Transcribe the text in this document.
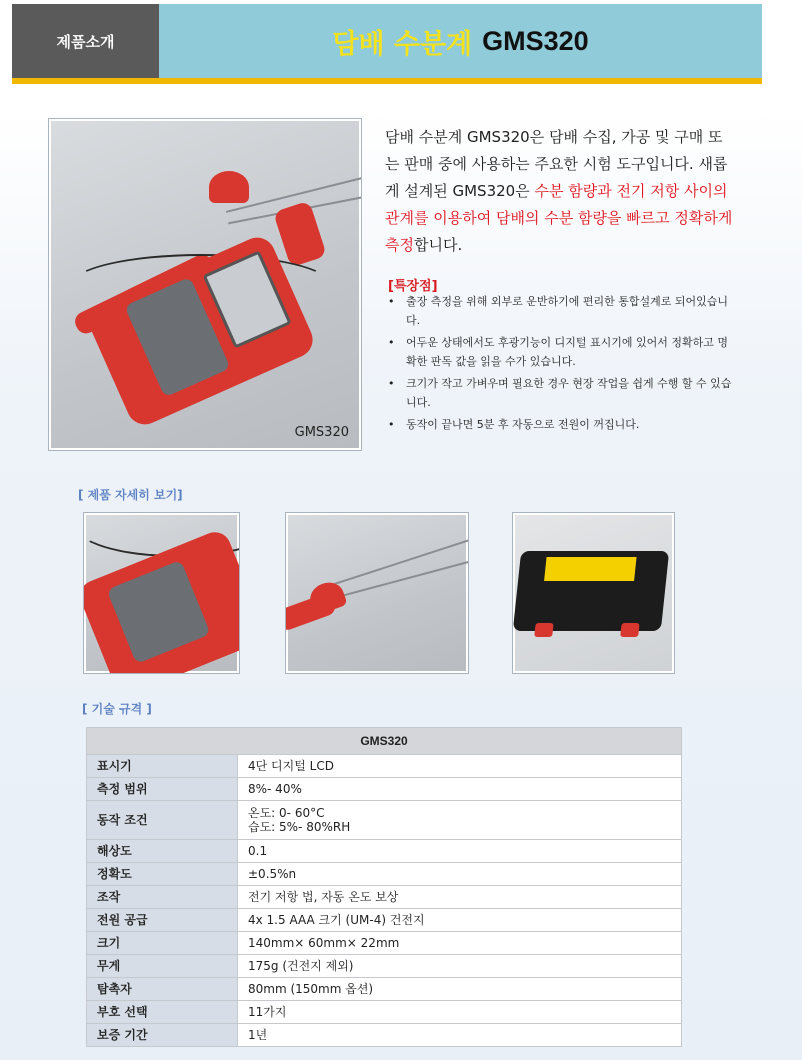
제품소개	담배 수분계 GMS320
GMS320
담배 수분계 GMS320은 담배 수집, 가공 및 구매 또는 판매 중에 사용하는 주요한 시험 도구입니다. 새롭게 설계된 GMS320은 수분 함량과 전기 저항 사이의 관계를 이용하여 담배의 수분 함량을 빠르고 정확하게 측정합니다.
[특장점]
• 출장 측정을 위해 외부로 운반하기에 편리한 통합설계로 되어있습니다.
• 어두운 상태에서도 후광기능이 디지털 표시기에 있어서 정확하고 명확한 판독 값을 읽을 수가 있습니다.
• 크기가 작고 가벼우며 필요한 경우 현장 작업을 쉽게 수행 할 수 있습니다.
• 동작이 끝나면 5분 후 자동으로 전원이 꺼집니다.
[ 제품 자세히 보기]
[ 기술 규격 ]
GMS320	
표시기	4단 디지털 LCD
측정 범위	8%- 40%
동작 조건	온도: 0- 60°C
습도: 5%- 80%RH

해상도	0.1
정확도	±0.5%n
조작	전기 저항 법, 자동 온도 보상
전원 공급	4x 1.5 AAA 크기 (UM-4) 건전지
크기	140mm× 60mm× 22mm
무게	175g (건전지 제외)
탐촉자	80mm (150mm 옵션)
부호 선택	11가지
보증 기간	1년
